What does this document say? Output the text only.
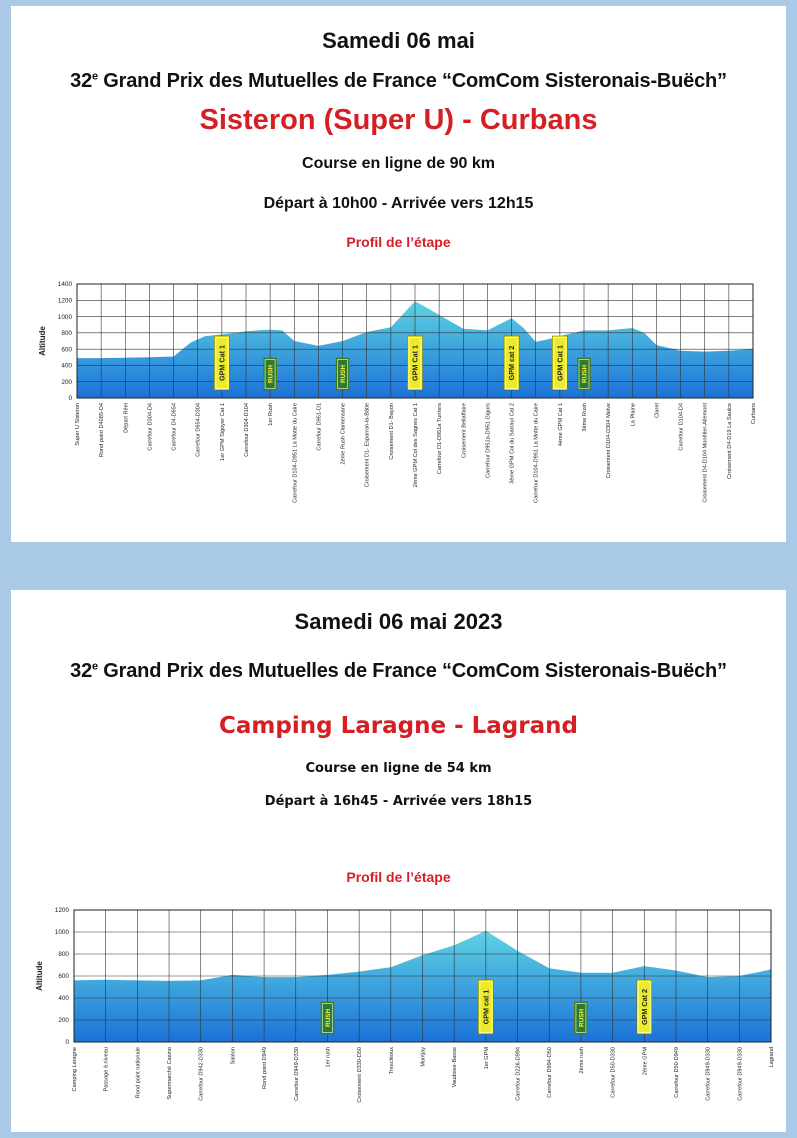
Samedi 06 mai
32e Grand Prix des Mutuelles de France “ComCom Sisteronais-Buëch”
Sisteron (Super U) - Curbans
Course en ligne de 90 km
Départ à 10h00 - Arrivée vers 12h15
Profil de l’étape
0
200
400
600
800
1000
1200
1400
Altitude
Super U Sisteron	Rond point D4085-D4	Départ Réel	Carrefour D304-D4	Carrefour D4-D654	Carrefour D654-D304	1er GPM Sigoyer Cat 1	Carrefour D304-D104	1er Rush	Carrefour D104-D951 La Motte du Caire	Carrefour D951-D1	2ème Rush Clamensane	Croisement D1- Esparron-la-Bâtie	Croisement D1- Bayon	2ème GPM Col des Sagnes Cat 1	Carrefour D1-D951a Turriers	Croisement Bellaffaire	Carrefour D951a-D951 Gigors	3ème GPM Col du Sarraut Cat 2	Carrefour D104-D951 La Motte du Caire	4ème GPM Cat 1	3ème Rush	Croisement D104-D304 Melve	La Plaine	Claret	Carrefour D104-D4	Croisement D4-D104 Monêtier-Allemont	Croisement D4-D19 La Saulce	Curbans
GPM Cat 1	RUSH	RUSH	GPM Cat 1	GPM cat 2	GPM Cat 1	RUSH
Samedi 06 mai 2023
32e Grand Prix des Mutuelles de France “ComCom Sisteronais-Buëch”
Camping Laragne - Lagrand
Course en ligne de 54 km
Départ à 16h45 - Arrivée vers 18h15
Profil de l’étape
0
200
400
600
800
1000
1200
Altitude
Camping Laragne	Passage à niveau	Rond point nationale	Supermarché Casino	Carrefour D942-D330	Saléon	Rond point D949	Carrefour D949-D330	1er rush	Croisement D330-D50	Trescléoux	Montjay	Vaudoise-Basse	1er GPM	Carrefour D226-D994	Carrefour D994-D50	2ème rush	Carrefour D50-D330	2ème GPM	Carrefour D50-D949	Carrefour D949-D330	Carrefour D949-D330	Lagrand
RUSH	GPM cat 1	RUSH	GPM Cat 2
